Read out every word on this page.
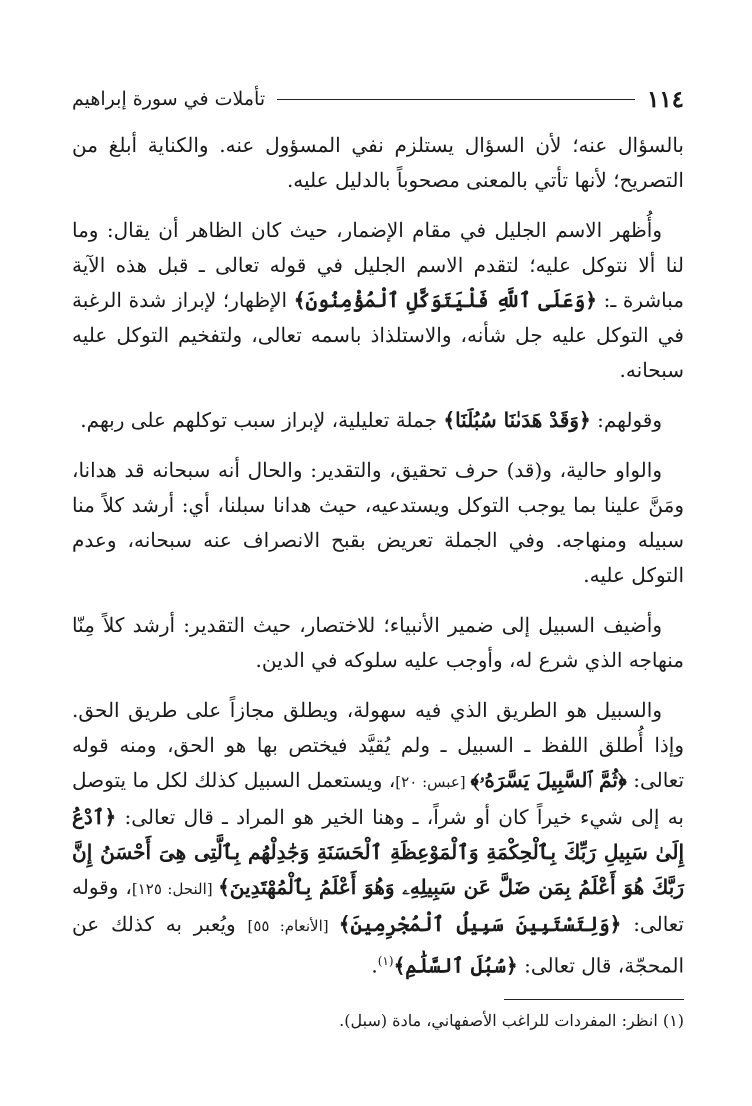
١١٤
تأملات في سورة إبراهيم

بالسؤال عنه؛ لأن السؤال يستلزم نفي المسؤول عنه. والكناية أبلغ من التصريح؛ لأنها تأتي بالمعنى مصحوباً بالدليل عليه.

وأُظهر الاسم الجليل في مقام الإضمار، حيث كان الظاهر أن يقال: وما لنا ألا نتوكل عليه؛ لتقدم الاسم الجليل في قوله تعالى ـ قبل هذه الآية مباشرة ـ: ﴿وَعَلَى ٱللَّهِ فَلْيَتَوَكَّلِ ٱلْمُؤْمِنُونَ﴾ الإظهار؛ لإبراز شدة الرغبة في التوكل عليه جل شأنه، والاستلذاذ باسمه تعالى، ولتفخيم التوكل عليه سبحانه.

وقولهم: ﴿وَقَدْ هَدَىٰنَا سُبُلَنَا﴾ جملة تعليلية، لإبراز سبب توكلهم على ربهم.

والواو حالية، و(قد) حرف تحقيق، والتقدير: والحال أنه سبحانه قد هدانا، ومَنَّ علينا بما يوجب التوكل ويستدعيه، حيث هدانا سبلنا، أي: أرشد كلاً منا سبيله ومنهاجه. وفي الجملة تعريض بقبح الانصراف عنه سبحانه، وعدم التوكل عليه.

وأضيف السبيل إلى ضمير الأنبياء؛ للاختصار، حيث التقدير: أرشد كلاً مِنّا منهاجه الذي شرع له، وأوجب عليه سلوكه في الدين.

والسبيل هو الطريق الذي فيه سهولة، ويطلق مجازاً على طريق الحق. وإذا أُطلق اللفظ ـ السبيل ـ ولم يُقيَّد فيختص بها هو الحق، ومنه قوله تعالى: ﴿ثُمَّ ٱلسَّبِيلَ يَسَّرَهُۥ﴾ [عبس: ٢٠]، ويستعمل السبيل كذلك لكل ما يتوصل به إلى شيء خيراً كان أو شراً، ـ وهنا الخير هو المراد ـ قال تعالى: ﴿ٱدْعُ إِلَىٰ سَبِيلِ رَبِّكَ بِٱلْحِكْمَةِ وَٱلْمَوْعِظَةِ ٱلْحَسَنَةِ وَجَٰدِلْهُم بِٱلَّتِى هِىَ أَحْسَنُ إِنَّ رَبَّكَ هُوَ أَعْلَمُ بِمَن ضَلَّ عَن سَبِيلِهِۦ وَهُوَ أَعْلَمُ بِٱلْمُهْتَدِينَ﴾ [النحل: ١٢٥]، وقوله تعالى: ﴿وَلِتَسْتَبِينَ سَبِيلُ ٱلْمُجْرِمِينَ﴾ [الأنعام: ٥٥] ويُعبر به كذلك عن المحجّة، قال تعالى: ﴿سُبُلَ ٱلسَّلَٰمِ﴾$^{(١)}$.

(١) انظر: المفردات للراغب الأصفهاني، مادة (سبل).
